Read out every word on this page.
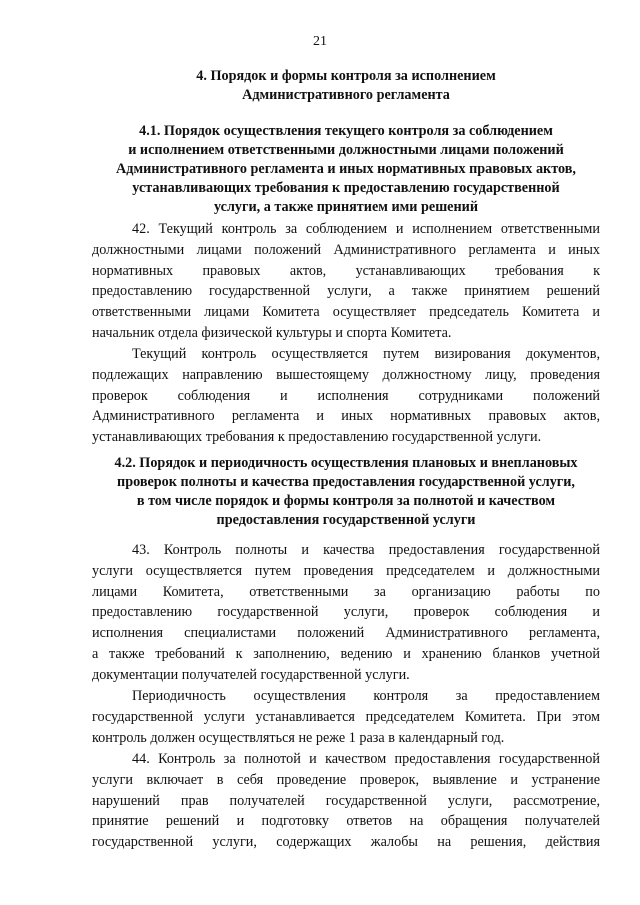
21
4. Порядок и формы контроля за исполнением
Административного регламента
4.1. Порядок осуществления текущего контроля за соблюдением
и исполнением ответственными должностными лицами положений
Административного регламента и иных нормативных правовых актов,
устанавливающих требования к предоставлению государственной
услуги, а также принятием ими решений
42. Текущий контроль за соблюдением и исполнением ответственными
должностными лицами положений Административного регламента и иных
нормативных правовых актов, устанавливающих требования к
предоставлению государственной услуги, а также принятием решений
ответственными лицами Комитета осуществляет председатель Комитета и
начальник отдела физической культуры и спорта Комитета.
Текущий контроль осуществляется путем визирования документов,
подлежащих направлению вышестоящему должностному лицу, проведения
проверок соблюдения и исполнения сотрудниками положений
Административного регламента и иных нормативных правовых актов,
устанавливающих требования к предоставлению государственной услуги.
4.2. Порядок и периодичность осуществления плановых и внеплановых
проверок полноты и качества предоставления государственной услуги,
в том числе порядок и формы контроля за полнотой и качеством
предоставления государственной услуги
43. Контроль полноты и качества предоставления государственной
услуги осуществляется путем проведения председателем и должностными
лицами Комитета, ответственными за организацию работы по
предоставлению государственной услуги, проверок соблюдения и
исполнения специалистами положений Административного регламента,
а также требований к заполнению, ведению и хранению бланков учетной
документации получателей государственной услуги.
Периодичность осуществления контроля за предоставлением
государственной услуги устанавливается председателем Комитета. При этом
контроль должен осуществляться не реже 1 раза в календарный год.
44. Контроль за полнотой и качеством предоставления государственной
услуги включает в себя проведение проверок, выявление и устранение
нарушений прав получателей государственной услуги, рассмотрение,
принятие решений и подготовку ответов на обращения получателей
государственной услуги, содержащих жалобы на решения, действия
